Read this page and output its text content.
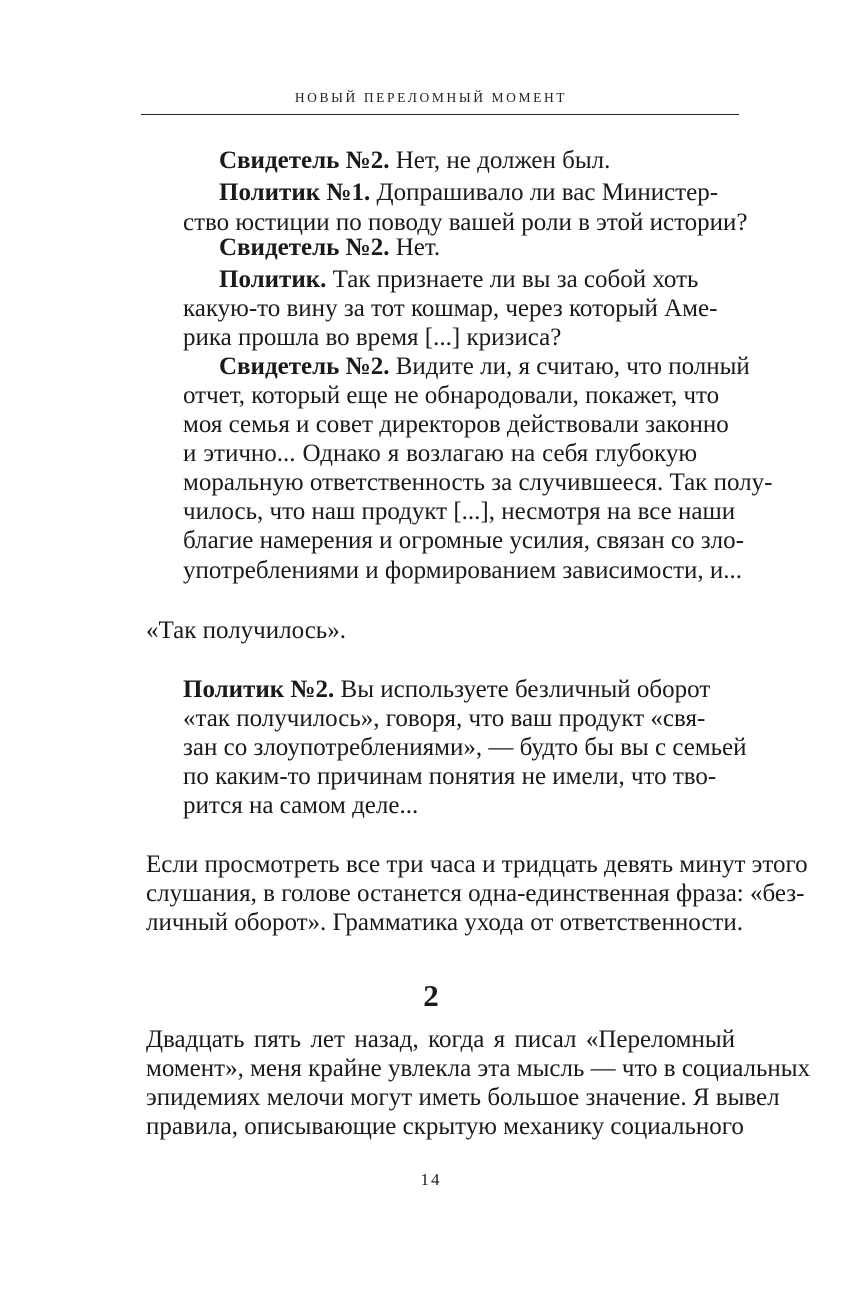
НОВЫЙ ПЕРЕЛОМНЫЙ МОМЕНТ
Свидетель №2. Нет, не должен был.
Политик №1. Допрашивало ли вас Министер-
ство юстиции по поводу вашей роли в этой истории?
Свидетель №2. Нет.
Политик. Так признаете ли вы за собой хоть
какую-то вину за тот кошмар, через который Аме-
рика прошла во время [...] кризиса?
Свидетель №2. Видите ли, я считаю, что полный
отчет, который еще не обнародовали, покажет, что
моя семья и совет директоров действовали законно
и этично... Однако я возлагаю на себя глубокую
моральную ответственность за случившееся. Так полу-
чилось, что наш продукт [...], несмотря на все наши
благие намерения и огромные усилия, связан со зло-
употреблениями и формированием зависимости, и...
«Так получилось».
Политик №2. Вы используете безличный оборот
«так получилось», говоря, что ваш продукт «свя-
зан со злоупотреблениями», — будто бы вы с семьей
по каким-то причинам понятия не имели, что тво-
рится на самом деле...
Если просмотреть все три часа и тридцать девять минут этого
слушания, в голове останется одна-единственная фраза: «без-
личный оборот». Грамматика ухода от ответственности.
2
Двадцать пять лет назад, когда я писал «Переломный
момент», меня крайне увлекла эта мысль — что в социальных
эпидемиях мелочи могут иметь большое значение. Я вывел
правила, описывающие скрытую механику социального
14
